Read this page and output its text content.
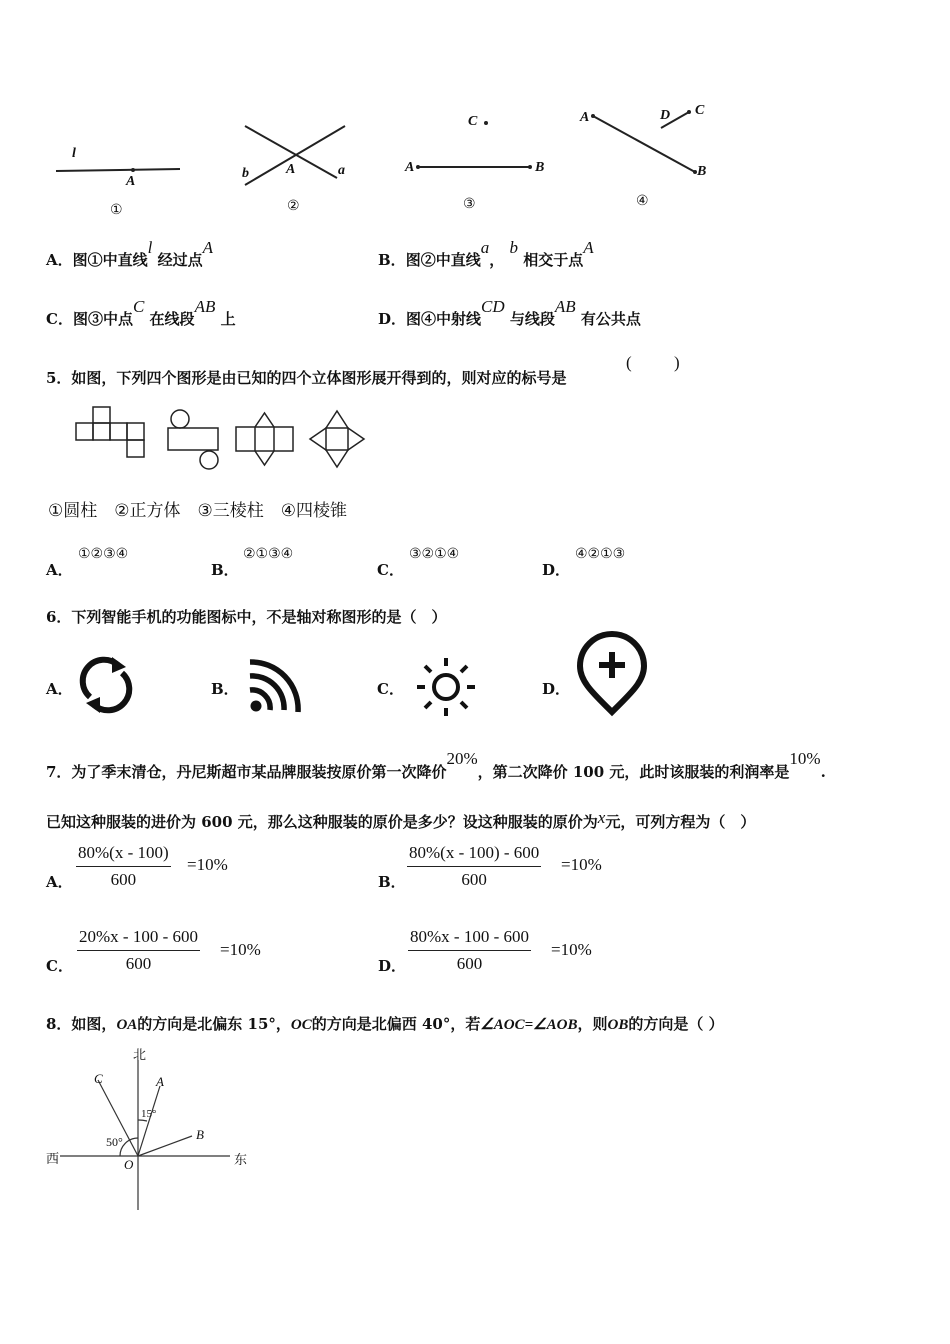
l
A
①
b	A	a
②
C
A	B
③
A	D C
B
④
A．图①中直线l 经过点A
B．图②中直线a， b 相交于点A
C．图③中点C 在线段AB 上	D．图④中射线CD 与线段AB 有公共点
5．如图，下列四个图形是由已知的四个立体图形展开得到的，则对应的标号是
( )
①圆柱　②正方体　③三棱柱　④四棱锥
A．
①②③④
B．
②①③④
C．
③②①④
D．
④②①③
6．下列智能手机的功能图标中，不是轴对称图形的是（　）
A．	B．	C．	D．
7．为了季末清仓，丹尼斯超市某品牌服装按原价第一次降价20%，第二次降价 100 元，此时该服装的利润率是10%.
已知这种服装的进价为 600 元，那么这种服装的原价是多少？设这种服装的原价为x元，可列方程为（　）
A． $\frac{80\%(x - 100)}{600} =10\%$
B． $\frac{80\%(x - 100) - 600}{600} =10\%$
C． $\frac{20\%x - 100 - 600}{600} =10\%$
D． $\frac{80\%x - 100 - 600}{600} =10\%$
8．如图，OA的方向是北偏东 15°，OC的方向是北偏西 40°，若∠AOC=∠AOB，则OB的方向是（ ）
北
西	东
O
A
B
C
15°
50°
